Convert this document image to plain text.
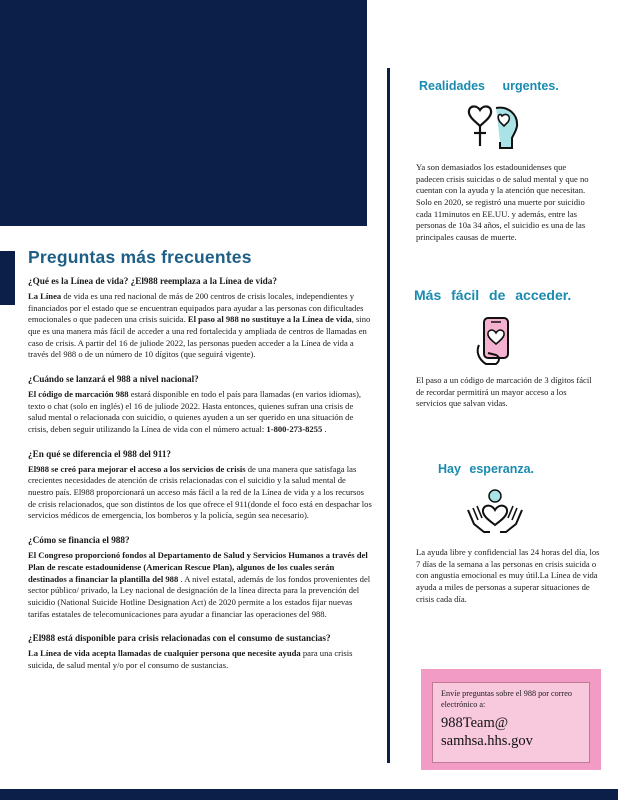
Preguntas más frecuentes

¿Qué es la Línea de vida? ¿El988 reemplaza a la Línea de vida?

La Línea de vida es una red nacional de más de 200 centros de crisis locales, independientes y financiados por el estado que se encuentran equipados para ayudar a las personas con dificultades emocionales o que padecen una crisis suicida. El paso al 988 no sustituye a la Línea de vida, sino que es una manera más fácil de acceder a una red fortalecida y ampliada de centros de llamadas en caso de crisis. A partir del 16 de juliode 2022, las personas pueden acceder a la Línea de vida a través del 988 o de un número de 10 dígitos (que seguirá vigente).

¿Cuándo se lanzará el 988 a nivel nacional?

El código de marcación 988 estará disponible en todo el país para llamadas (en varios idiomas), texto o chat (solo en inglés) el 16 de juliode 2022. Hasta entonces, quienes sufran una crisis de salud mental o relacionada con suicidio, o quienes ayuden a un ser querido en una situación de crisis, deben seguir utilizando la Línea de vida con el número actual: 1-800-273-8255 .

¿En qué se diferencia el 988 del 911?

El988 se creó para mejorar el acceso a los servicios de crisis de una manera que satisfaga las crecientes necesidades de atención de crisis relacionadas con el suicidio y la salud mental de nuestro país. El988 proporcionará un acceso más fácil a la red de la Línea de vida y a los recursos de crisis relacionados, que son distintos de los que ofrece el 911(donde el foco está en despachar los servicios médicos de emergencia, los bomberos y la policía, según sea necesario).

¿Cómo se financia el 988?

El Congreso proporcionó fondos al Departamento de Salud y Servicios Humanos a través del Plan de rescate estadounidense (American Rescue Plan), algunos de los cuales serán destinados a financiar la plantilla del 988 . A nivel estatal, además de los fondos provenientes del sector público/ privado, la Ley nacional de designación de la línea directa para la prevención del suicidio (National Suicide Hotline Designation Act) de 2020 permite a los estados fijar nuevas tarifas estatales de telecomunicaciones para ayudar a financiar las operaciones del 988.

¿El988 está disponible para crisis relacionadas con el consumo de sustancias?

La Línea de vida acepta llamadas de cualquier persona que necesite ayuda para una crisis suicida, de salud mental y/o por el consumo de sustancias.

Realidades urgentes.

Ya son demasiados los estadounidenses que padecen crisis suicidas o de salud mental y que no cuentan con la ayuda y la atención que necesitan. Solo en 2020, se registró una muerte por suicidio cada 11minutos en EE.UU. y además, entre las personas de 10a 34 años, el suicidio es una de las principales causas de muerte.

Más fácil de acceder.

El paso a un código de marcación de 3 dígitos fácil de recordar permitirá un mayor acceso a los servicios que salvan vidas.

Hay esperanza.

La ayuda libre y confidencial las 24 horas del día, los 7 días de la semana a las personas en crisis suicida o con angustia emocional es muy útil.La Línea de vida ayuda a miles de personas a superar situaciones de crisis cada día.

Envíe preguntas sobre el 988 por correo electrónico a:

988Team@
samhsa.hhs.gov
